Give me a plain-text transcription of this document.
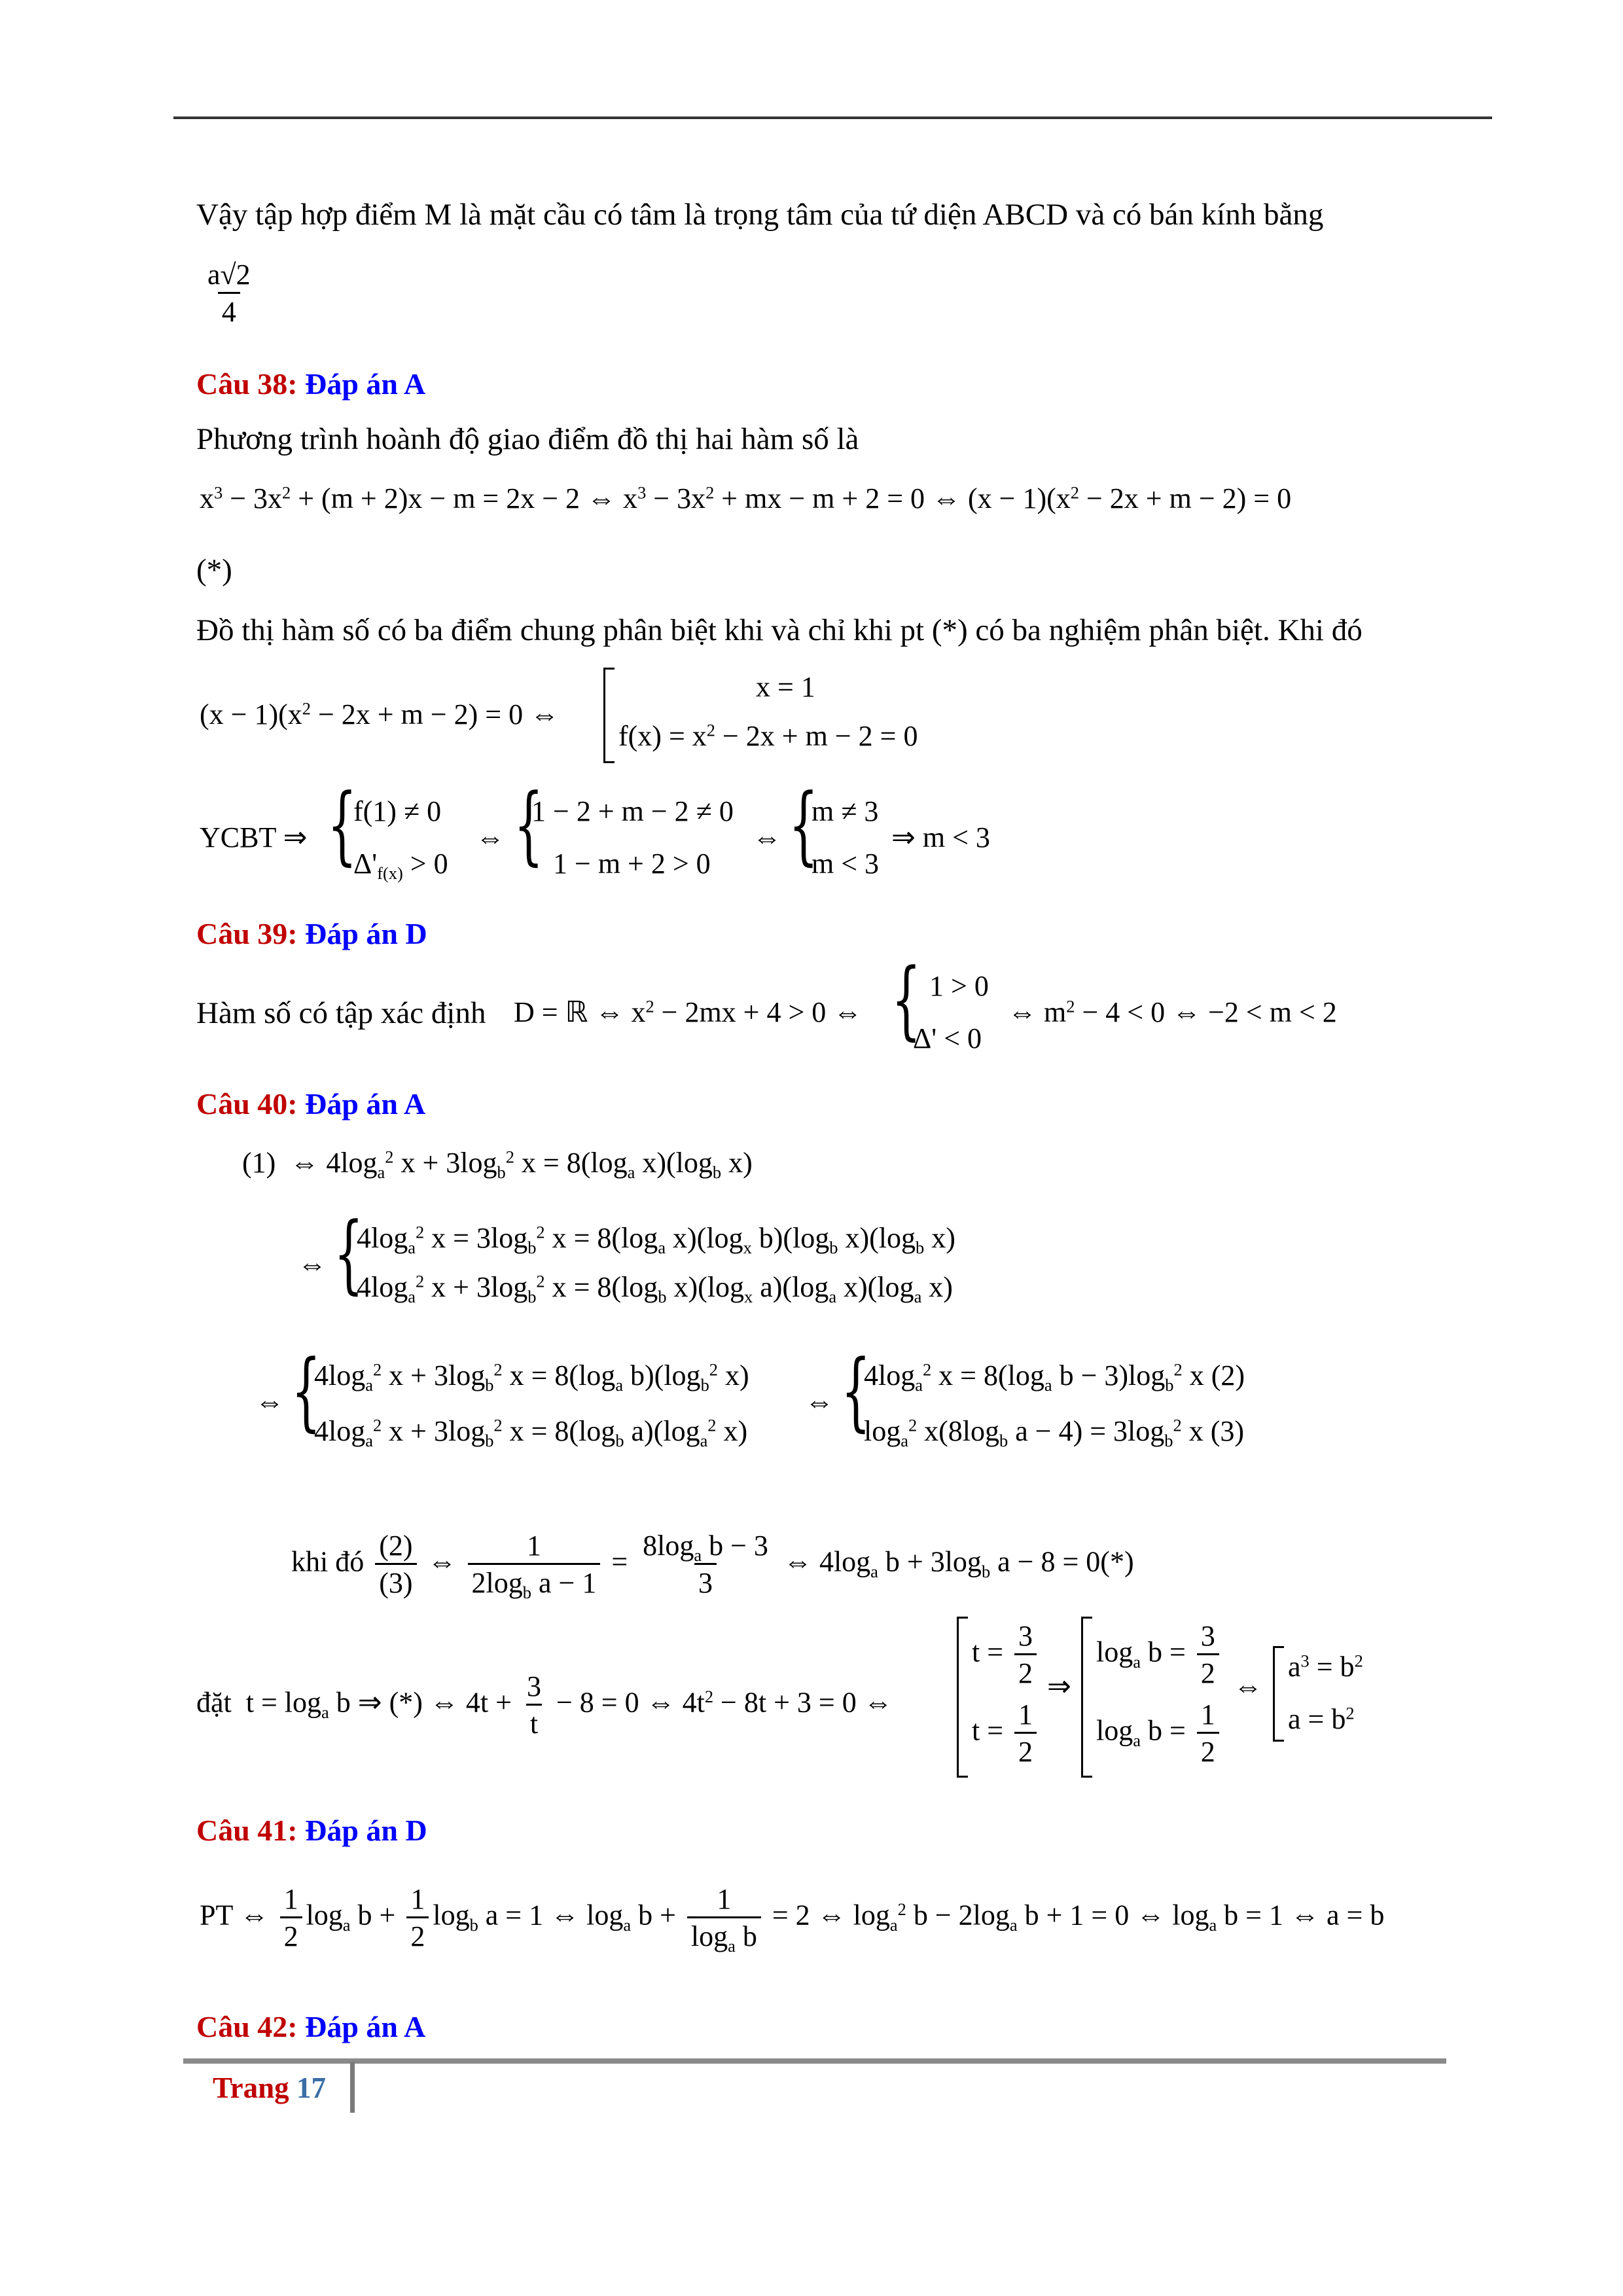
Vậy tập hợp điểm M là mặt cầu có tâm là trọng tâm của tứ diện ABCD và có bán kính bằng
$\frac{a√2}{4}$
Câu 38: Đáp án A
Phương trình hoành độ giao điểm đồ thị hai hàm số là
$x^3 - 3x^2 + (m + 2)x - m = 2x - 2$ ⇔ $x^3 - 3x^2$ + mx − m + 2 = 0 ⇔ $(x - 1)(x^2 - 2x + m - 2) = 0$
(*)
Đồ thị hàm số có ba điểm chung phân biệt khi và chỉ khi pt (*) có ba nghiệm phân biệt. Khi đó
$(x - 1)(x^2 - 2x + m - 2) = 0$ ⇔
x = 1
$f(x) = x^2 - 2x + m - 2 = 0$
YCBT ⇒ {
f(1) ≠ 0
$\Delta'_{f(x)} > 0$
⇔ {
1 − 2 + m − 2 ≠ 0
1 − m + 2 > 0
⇔ {
m ≠ 3
m < 3
⇒ m < 3
Câu 39: Đáp án D
Hàm số có tập xác định D = ℝ ⇔ $x^2 - 2mx + 4 > 0$ ⇔ { 1 > 0
Δ' < 0
⇔ $m^2 - 4 < 0$ ⇔ −2 < m < 2
Câu 40: Đáp án A
(1)  ⇔ $4\log_a^2$ $x + 3\log_b^2$ $x = 8(\log_a$ $x)(\log_b$ x)
⇔ {
$4\log_a^2$ $x = 3\log_b^2$ $x = 8(\log_a$ $x)(\log_x$ $b)(\log_b$ $x)(\log_b$ x)
$4\log_a^2$ $x + 3\log_b^2$ $x = 8(\log_b$ $x)(\log_x$ $a)(\log_a$ $x)(\log_a$ x)
⇔ {
$4\log_a^2$ $x + 3\log_b^2$ $x = 8(\log_a$ $b)(\log_b^2$ x)
$4\log_a^2$ $x + 3\log_b^2$ $x = 8(\log_b$ $a)(\log_a^2$ x)
⇔ {
$4\log_a^2$ $x = 8(\log_a$ $b - 3)\log_b^2$ x (2)
$\log_a^2 x(8\log_b$ $a - 4) = 3\log_b^2$ x (3)
khi đó $\frac{(2)}{(3)}$ ⇔ $\frac{1}{2\log_b a - 1} = \frac{8\log_a b - 3}{3}$ ⇔ $4\log_a$ $b + 3\log_b$ a − 8 = 0(*)
đặt  $t = \log_a b$ ⇒ (*) ⇔ $4t + \frac{3}{t} - 8 = 0$ ⇔ $4t^2 - 8t + 3 = 0$ ⇔
$t = \frac{3}{2}$
$t = \frac{1}{2}$
⇒
$\log_a b = \frac{3}{2}$
$\log_a b = \frac{1}{2}$
⇔
$a^3 = b^2$
$a = b^2$
Câu 41: Đáp án D
PT ⇔ $\frac{1}{2} \log_a b + \frac{1}{2} \log_b a = 1$ ⇔ $\log_a b + \frac{1}{\log_a b} = 2$ ⇔ $\log_a^2 b - 2\log_a$ b + 1 = 0 ⇔ $\log_a b = 1$ ⇔ a = b
Câu 42: Đáp án A
Trang 17
